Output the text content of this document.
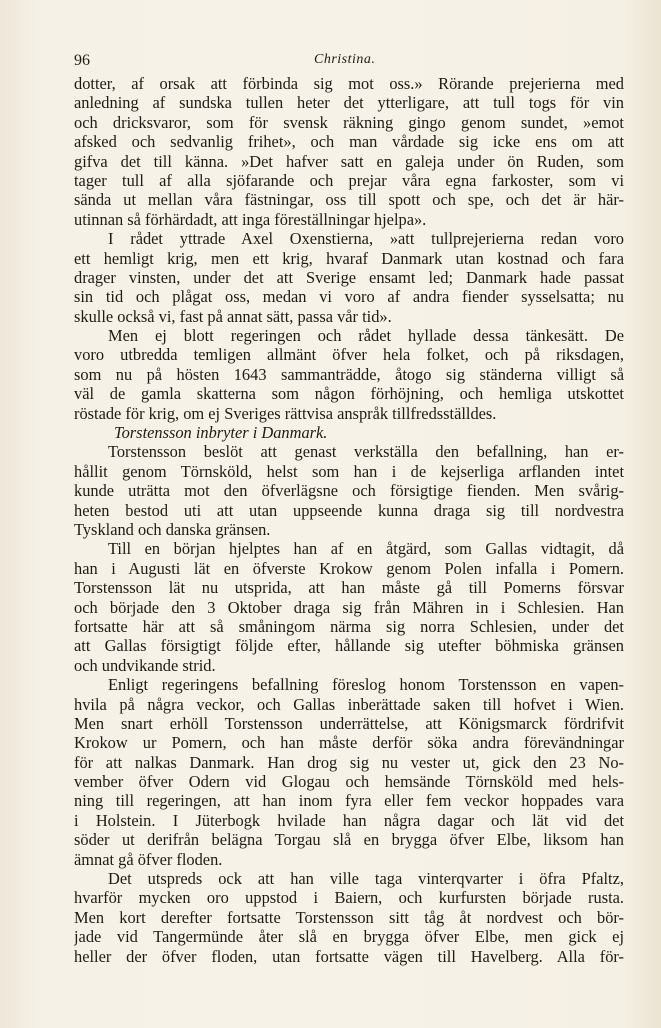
96	Christina.
dotter, af orsak att förbinda sig mot oss.» Rörande prejerierna med
anledning af sundska tullen heter det ytterligare, att tull togs för vin
och dricksvaror, som för svensk räkning gingo genom sundet, »emot
afsked och sedvanlig frihet», och man vårdade sig icke ens om att
gifva det till känna. »Det hafver satt en galeja under ön Ruden, som
tager tull af alla sjöfarande och prejar våra egna farkoster, som vi
sända ut mellan våra fästningar, oss till spott och spe, och det är här-
utinnan så förhärdadt, att inga föreställningar hjelpa».
I rådet yttrade Axel Oxenstierna, »att tullprejerierna redan voro
ett hemligt krig, men ett krig, hvaraf Danmark utan kostnad och fara
drager vinsten, under det att Sverige ensamt led; Danmark hade passat
sin tid och plågat oss, medan vi voro af andra fiender sysselsatta; nu
skulle också vi, fast på annat sätt, passa vår tid».
Men ej blott regeringen och rådet hyllade dessa tänkesätt. De
voro utbredda temligen allmänt öfver hela folket, och på riksdagen,
som nu på hösten 1643 sammanträdde, åtogo sig ständerna villigt så
väl de gamla skatterna som någon förhöjning, och hemliga utskottet
röstade för krig, om ej Sveriges rättvisa anspråk tillfredsställdes.
Torstensson inbryter i Danmark.
Torstensson beslöt att genast verkställa den befallning, han er-
hållit genom Törnsköld, helst som han i de kejserliga arflanden intet
kunde uträtta mot den öfverlägsne och försigtige fienden. Men svårig-
heten bestod uti att utan uppseende kunna draga sig till nordvestra
Tyskland och danska gränsen.
Till en början hjelptes han af en åtgärd, som Gallas vidtagit, då
han i Augusti lät en öfverste Krokow genom Polen infalla i Pomern.
Torstensson lät nu utsprida, att han måste gå till Pomerns försvar
och började den 3 Oktober draga sig från Mähren in i Schlesien. Han
fortsatte här att så småningom närma sig norra Schlesien, under det
att Gallas försigtigt följde efter, hållande sig utefter böhmiska gränsen
och undvikande strid.
Enligt regeringens befallning föreslog honom Torstensson en vapen-
hvila på några veckor, och Gallas inberättade saken till hofvet i Wien.
Men snart erhöll Torstensson underrättelse, att Königsmarck fördrifvit
Krokow ur Pomern, och han måste derför söka andra förevändningar
för att nalkas Danmark. Han drog sig nu vester ut, gick den 23 No-
vember öfver Odern vid Glogau och hemsände Törnsköld med hels-
ning till regeringen, att han inom fyra eller fem veckor hoppades vara
i Holstein. I Jüterbogk hvilade han några dagar och lät vid det
söder ut derifrån belägna Torgau slå en brygga öfver Elbe, liksom han
ämnat gå öfver floden.
Det utspreds ock att han ville taga vinterqvarter i öfra Pfaltz,
hvarför mycken oro uppstod i Baiern, och kurfursten började rusta.
Men kort derefter fortsatte Torstensson sitt tåg åt nordvest och bör-
jade vid Tangermünde åter slå en brygga öfver Elbe, men gick ej
heller der öfver floden, utan fortsatte vägen till Havelberg. Alla för-
